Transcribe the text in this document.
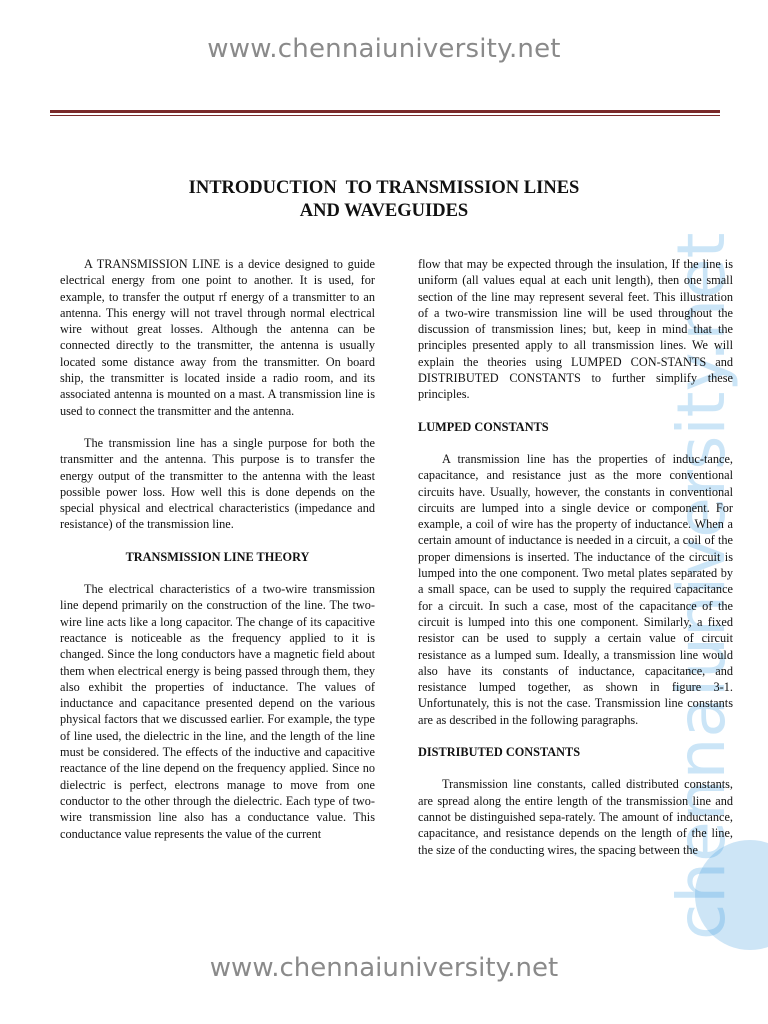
www.chennaiuniversity.net
chennaiuniversity.net
INTRODUCTION  TO TRANSMISSION LINES
AND WAVEGUIDES

A TRANSMISSION LINE is a device designed to guide electrical energy from one point to another. It is used, for example, to transfer the output rf energy of a transmitter to an antenna. This energy will not travel through normal electrical wire without great losses. Although the antenna can be connected directly to the transmitter, the antenna is usually located some distance away from the transmitter. On board ship, the transmitter is located inside a radio room, and its associated antenna is mounted on a mast. A transmission line is used to connect the transmitter and the antenna.

The transmission line has a single purpose for both the transmitter and the antenna. This purpose is to transfer the energy output of the transmitter to the antenna with the least possible power loss. How well this is done depends on the special physical and electrical characteristics (impedance and resistance) of the transmission line.

TRANSMISSION LINE THEORY

The electrical characteristics of a two-wire transmission line depend primarily on the construction of the line. The two-wire line acts like a long capacitor. The change of its capacitive reactance is noticeable as the frequency applied to it is changed. Since the long conductors have a magnetic field about them when electrical energy is being passed through them, they also exhibit the properties of inductance. The values of inductance and capacitance presented depend on the various physical factors that we discussed earlier. For example, the type of line used, the dielectric in the line, and the length of the line must be considered. The effects of the inductive and capacitive reactance of the line depend on the frequency applied. Since no dielectric is perfect, electrons manage to move from one conductor to the other through the dielectric. Each type of two-wire transmission line also has a conductance value. This conductance value represents the value of the current

flow that may be expected through the insulation, If the line is uniform (all values equal at each unit length), then one small section of the line may represent several feet. This illustration of a two-wire transmission line will be used throughout the discussion of transmission lines; but, keep in mind that the principles presented apply to all transmission lines. We will explain the theories using LUMPED CON-STANTS and DISTRIBUTED CONSTANTS to further simplify these principles.

LUMPED CONSTANTS

A transmission line has the properties of induc-tance, capacitance, and resistance just as the more conventional circuits have. Usually, however, the constants in conventional circuits are lumped into a single device or component. For example, a coil of wire has the property of inductance. When a certain amount of inductance is needed in a circuit, a coil of the proper dimensions is inserted. The inductance of the circuit is lumped into the one component. Two metal plates separated by a small space, can be used to supply the required capacitance for a circuit. In such a case, most of the capacitance of the circuit is lumped into this one component. Similarly, a fixed resistor can be used to supply a certain value of circuit resistance as a lumped sum. Ideally, a transmission line would also have its constants of inductance, capacitance, and resistance lumped together, as shown in figure 3-1. Unfortunately, this is not the case. Transmission line constants are as described in the following paragraphs.

DISTRIBUTED CONSTANTS

Transmission line constants, called distributed constants, are spread along the entire length of the transmission line and cannot be distinguished sepa-rately. The amount of inductance, capacitance, and resistance depends on the length of the line, the size of the conducting wires, the spacing between the

www.chennaiuniversity.net
